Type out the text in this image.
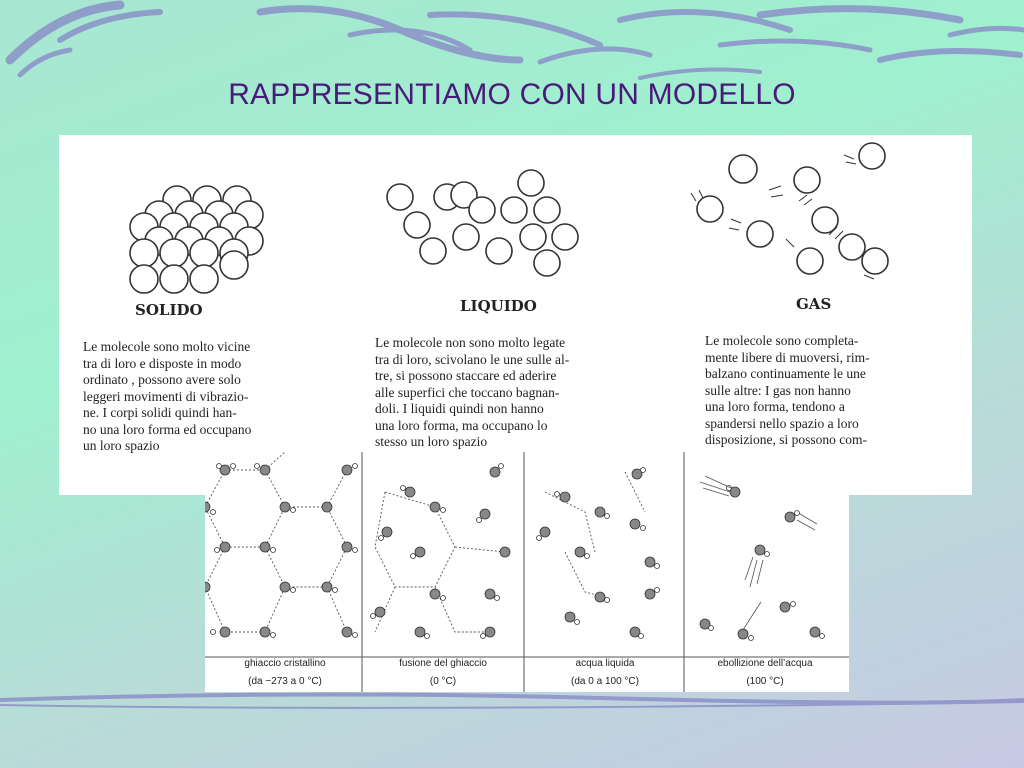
RAPPRESENTIAMO CON UN MODELLO
SOLIDO	LIQUIDO	GAS
Le molecole sono molto vicine
tra di loro e disposte in modo
ordinato , possono avere solo
leggeri movimenti di vibrazio-
ne. I corpi solidi quindi han-
no una loro forma ed occupano
un loro spazio
Le molecole non sono molto legate
tra di loro, scivolano le une sulle al-
tre, si possono staccare ed aderire
alle superfici che toccano bagnan-
doli. I liquidi quindi non hanno
una loro forma, ma occupano lo
stesso un loro spazio
Le molecole sono completa-
mente libere di muoversi, rim-
balzano continuamente le une
sulle altre: I gas non hanno
una loro forma, tendono a
spandersi nello spazio a loro
disposizione, si possono com-
ghiaccio cristallino
(da −273 a 0 °C)
fusione del ghiaccio
(0 °C)
acqua liquida
(da 0 a 100 °C)
ebollizione dell’acqua
(100 °C)
